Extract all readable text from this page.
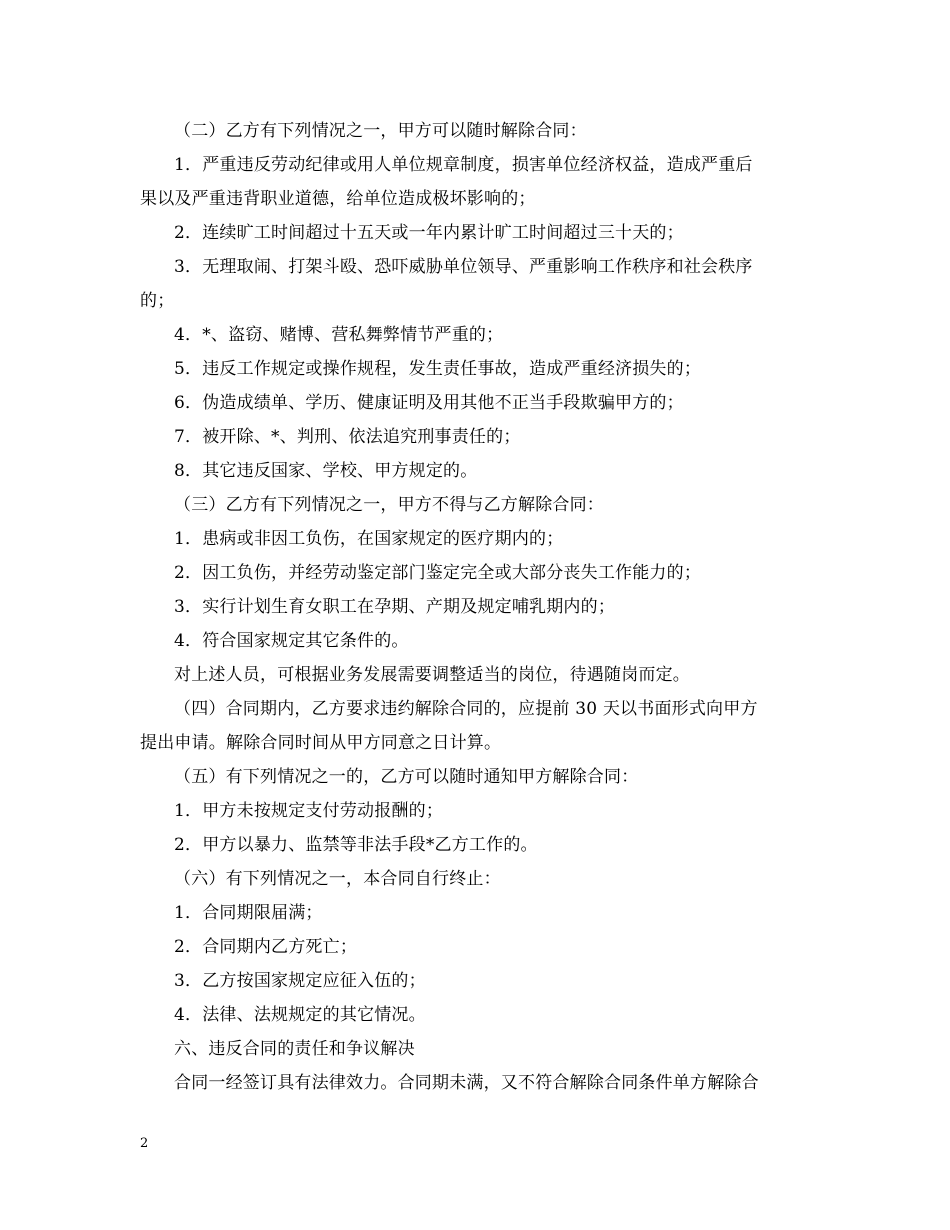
（二）乙方有下列情况之一，甲方可以随时解除合同：
1．严重违反劳动纪律或用人单位规章制度，损害单位经济权益，造成严重后
果以及严重违背职业道德，给单位造成极坏影响的；
2．连续旷工时间超过十五天或一年内累计旷工时间超过三十天的；
3．无理取闹、打架斗殴、恐吓威胁单位领导、严重影响工作秩序和社会秩序
的；
4．*、盗窃、赌博、营私舞弊情节严重的；
5．违反工作规定或操作规程，发生责任事故，造成严重经济损失的；
6．伪造成绩单、学历、健康证明及用其他不正当手段欺骗甲方的；
7．被开除、*、判刑、依法追究刑事责任的；
8．其它违反国家、学校、甲方规定的。
（三）乙方有下列情况之一，甲方不得与乙方解除合同：
1．患病或非因工负伤，在国家规定的医疗期内的；
2．因工负伤，并经劳动鉴定部门鉴定完全或大部分丧失工作能力的；
3．实行计划生育女职工在孕期、产期及规定哺乳期内的；
4．符合国家规定其它条件的。
对上述人员，可根据业务发展需要调整适当的岗位，待遇随岗而定。
（四）合同期内，乙方要求违约解除合同的，应提前 30 天以书面形式向甲方
提出申请。解除合同时间从甲方同意之日计算。
（五）有下列情况之一的，乙方可以随时通知甲方解除合同：
1．甲方未按规定支付劳动报酬的；
2．甲方以暴力、监禁等非法手段*乙方工作的。
（六）有下列情况之一，本合同自行终止：
1．合同期限届满；
2．合同期内乙方死亡；
3．乙方按国家规定应征入伍的；
4．法律、法规规定的其它情况。
六、违反合同的责任和争议解决
合同一经签订具有法律效力。合同期未满，又不符合解除合同条件单方解除合
2
